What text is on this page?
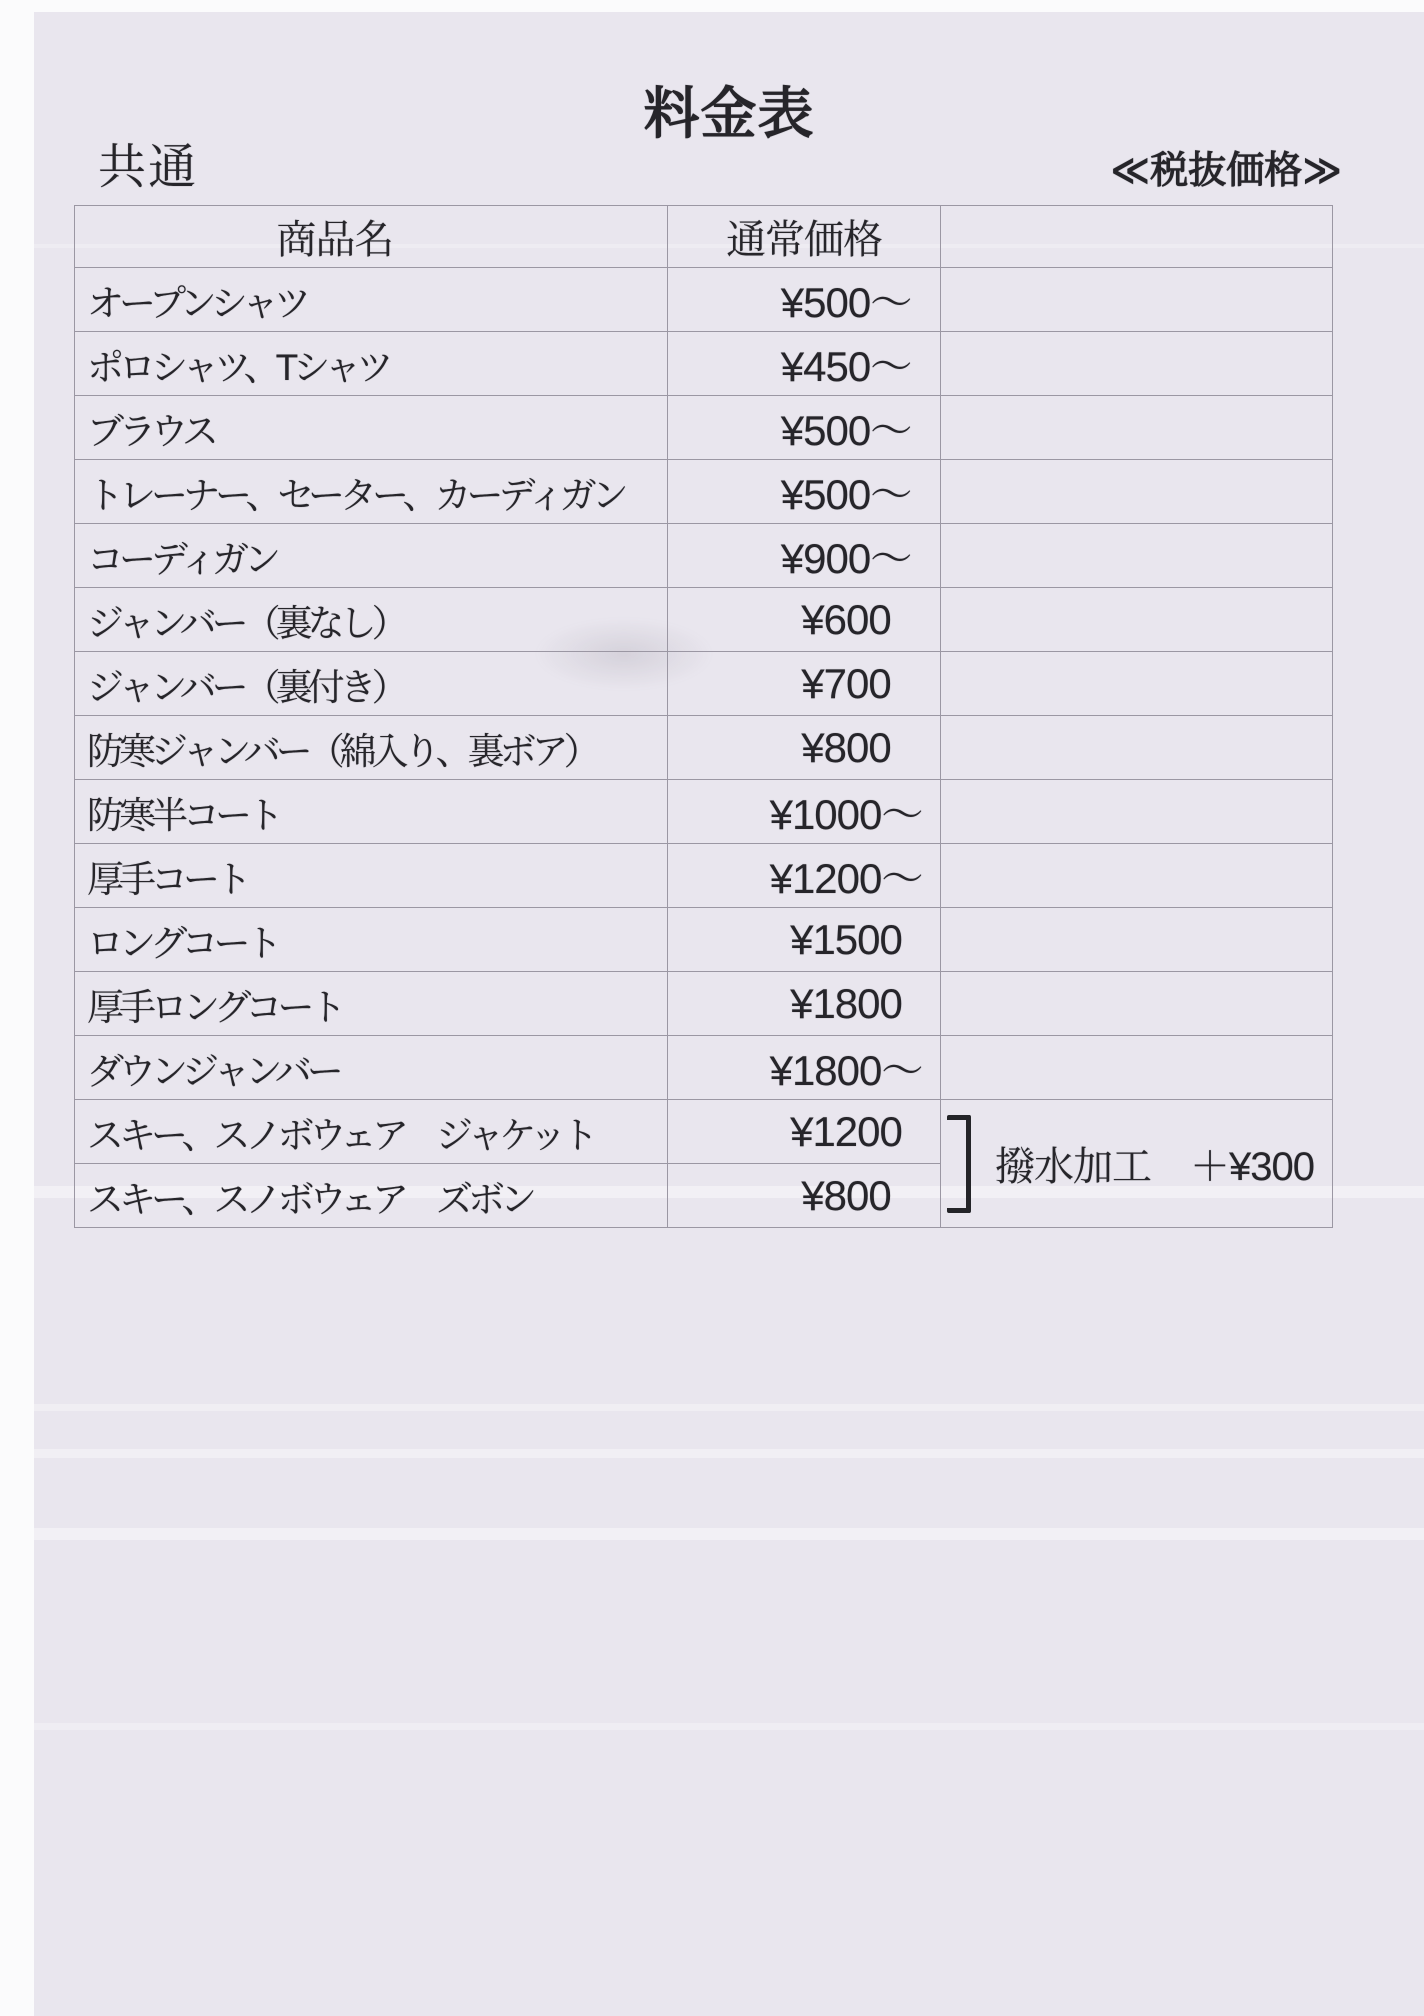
料金表
共通	≪税抜価格≫
商品名	通常価格	
オープンシャツ	¥500～	
ポロシャツ、Tシャツ	¥450～	
ブラウス	¥500～	
トレーナー、セーター、カーディガン	¥500～	
コーディガン	¥900～	
ジャンバー（裏なし）	¥600	
ジャンバー（裏付き）	¥700	
防寒ジャンバー（綿入り、裏ボア）	¥800	
防寒半コート	¥1000～	
厚手コート	¥1200～	
ロングコート	¥1500	
厚手ロングコート	¥1800	
ダウンジャンバー	¥1800～	
スキー、スノボウェア　ジャケット	¥1200	撥水加工　＋¥300

スキー、スノボウェア　ズボン	¥800	
